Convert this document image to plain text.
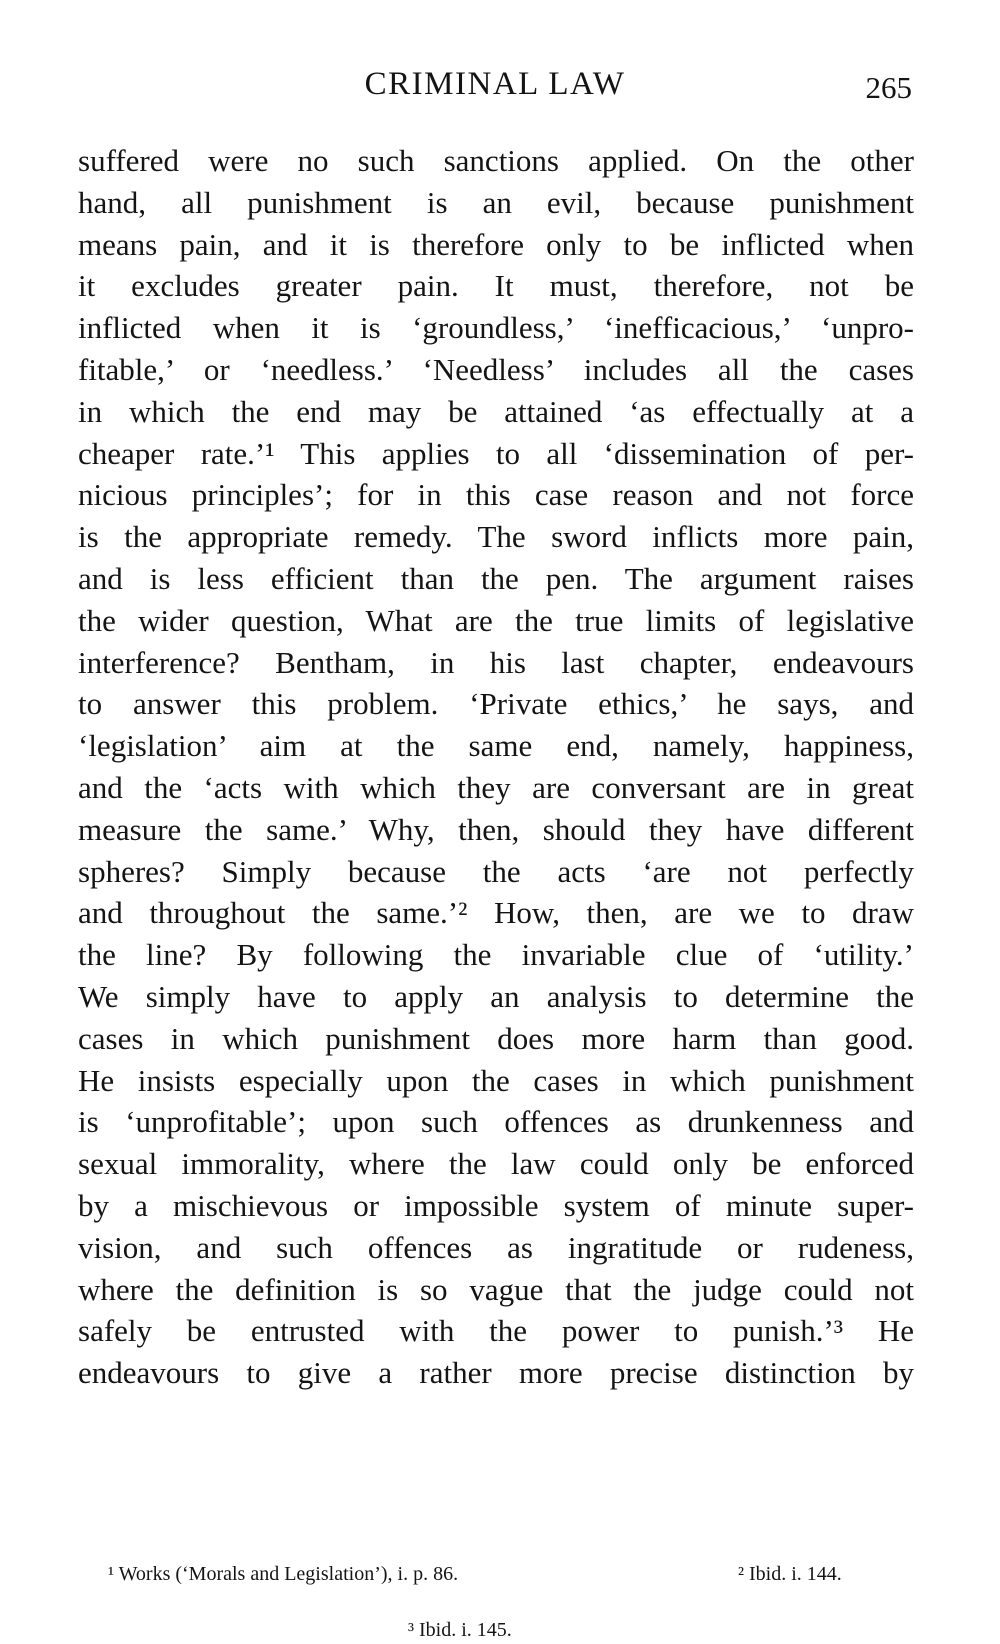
CRIMINAL LAW	265
suffered were no such sanctions applied. On the other
hand, all punishment is an evil, because punishment
means pain, and it is therefore only to be inflicted when
it excludes greater pain. It must, therefore, not be
inflicted when it is ‘groundless,’ ‘inefficacious,’ ‘unpro-
fitable,’ or ‘needless.’ ‘Needless’ includes all the cases
in which the end may be attained ‘as effectually at a
cheaper rate.’¹ This applies to all ‘dissemination of per-
nicious principles’; for in this case reason and not force
is the appropriate remedy. The sword inflicts more pain,
and is less efficient than the pen. The argument raises
the wider question, What are the true limits of legislative
interference? Bentham, in his last chapter, endeavours
to answer this problem. ‘Private ethics,’ he says, and
‘legislation’ aim at the same end, namely, happiness,
and the ‘acts with which they are conversant are in great
measure the same.’ Why, then, should they have different
spheres? Simply because the acts ‘are not perfectly
and throughout the same.’² How, then, are we to draw
the line? By following the invariable clue of ‘utility.’
We simply have to apply an analysis to determine the
cases in which punishment does more harm than good.
He insists especially upon the cases in which punishment
is ‘unprofitable’; upon such offences as drunkenness and
sexual immorality, where the law could only be enforced
by a mischievous or impossible system of minute super-
vision, and such offences as ingratitude or rudeness,
where the definition is so vague that the judge could not
safely be entrusted with the power to punish.’³ He
endeavours to give a rather more precise distinction by
¹ Works (‘Morals and Legislation’), i. p. 86.	² Ibid. i. 144.
³ Ibid. i. 145.
